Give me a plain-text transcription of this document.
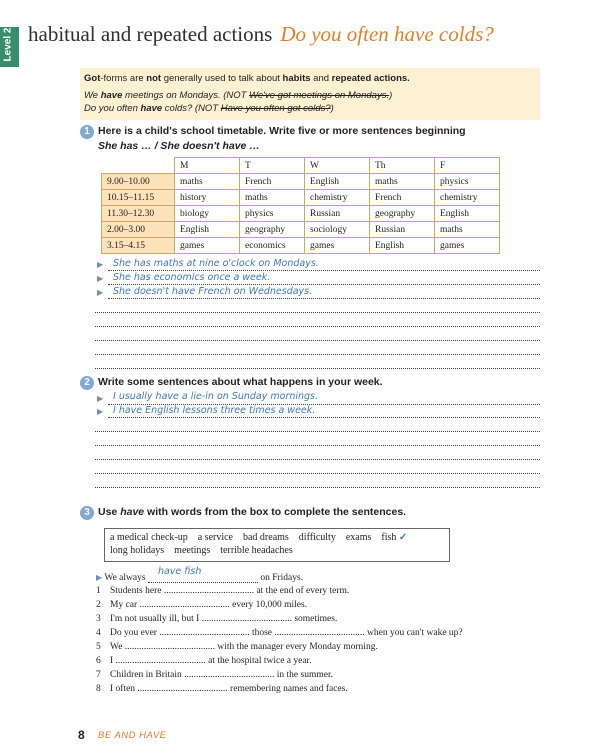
Level 2 habitual and repeated actions Do you often have colds?
Got-forms are not generally used to talk about habits and repeated actions.
We have meetings on Mondays. (NOT We've got meetings on Mondays.)
Do you often have colds? (NOT Have you often got colds?)
1 Here is a child's school timetable. Write five or more sentences beginning
She has … / She doesn't have …
	M	T	W	Th	F
9.00–10.00	maths	French	English	maths	physics
10.15–11.15	history	maths	chemistry	French	chemistry
11.30–12.30	biology	physics	Russian	geography	English
2.00–3.00	English	geography	sociology	Russian	maths
3.15–4.15	games	economics	games	English	games
▶ She has maths at nine o'clock on Mondays.
▶ She has economics once a week.
▶ She doesn't have French on Wednesdays.
2 Write some sentences about what happens in your week.
▶ I usually have a lie-in on Sunday mornings.
▶ I have English lessons three times a week.
3 Use have with words from the box to complete the sentences.
a medical check-up    a service    bad dreams    difficulty    exams    fish ✓
long holidays    meetings    terrible headaches
▶ We always have fish on Fridays.
1 Students here ...................................... at the end of every term.
2 My car ...................................... every 10,000 miles.
3 I'm not usually ill, but I ...................................... sometimes.
4 Do you ever ...................................... those ...................................... when you can't wake up?
5 We ...................................... with the manager every Monday morning.
6 I ...................................... at the hospital twice a year.
7 Children in Britain ...................................... in the summer.
8 I often ...................................... remembering names and faces.
8 BE AND HAVE
